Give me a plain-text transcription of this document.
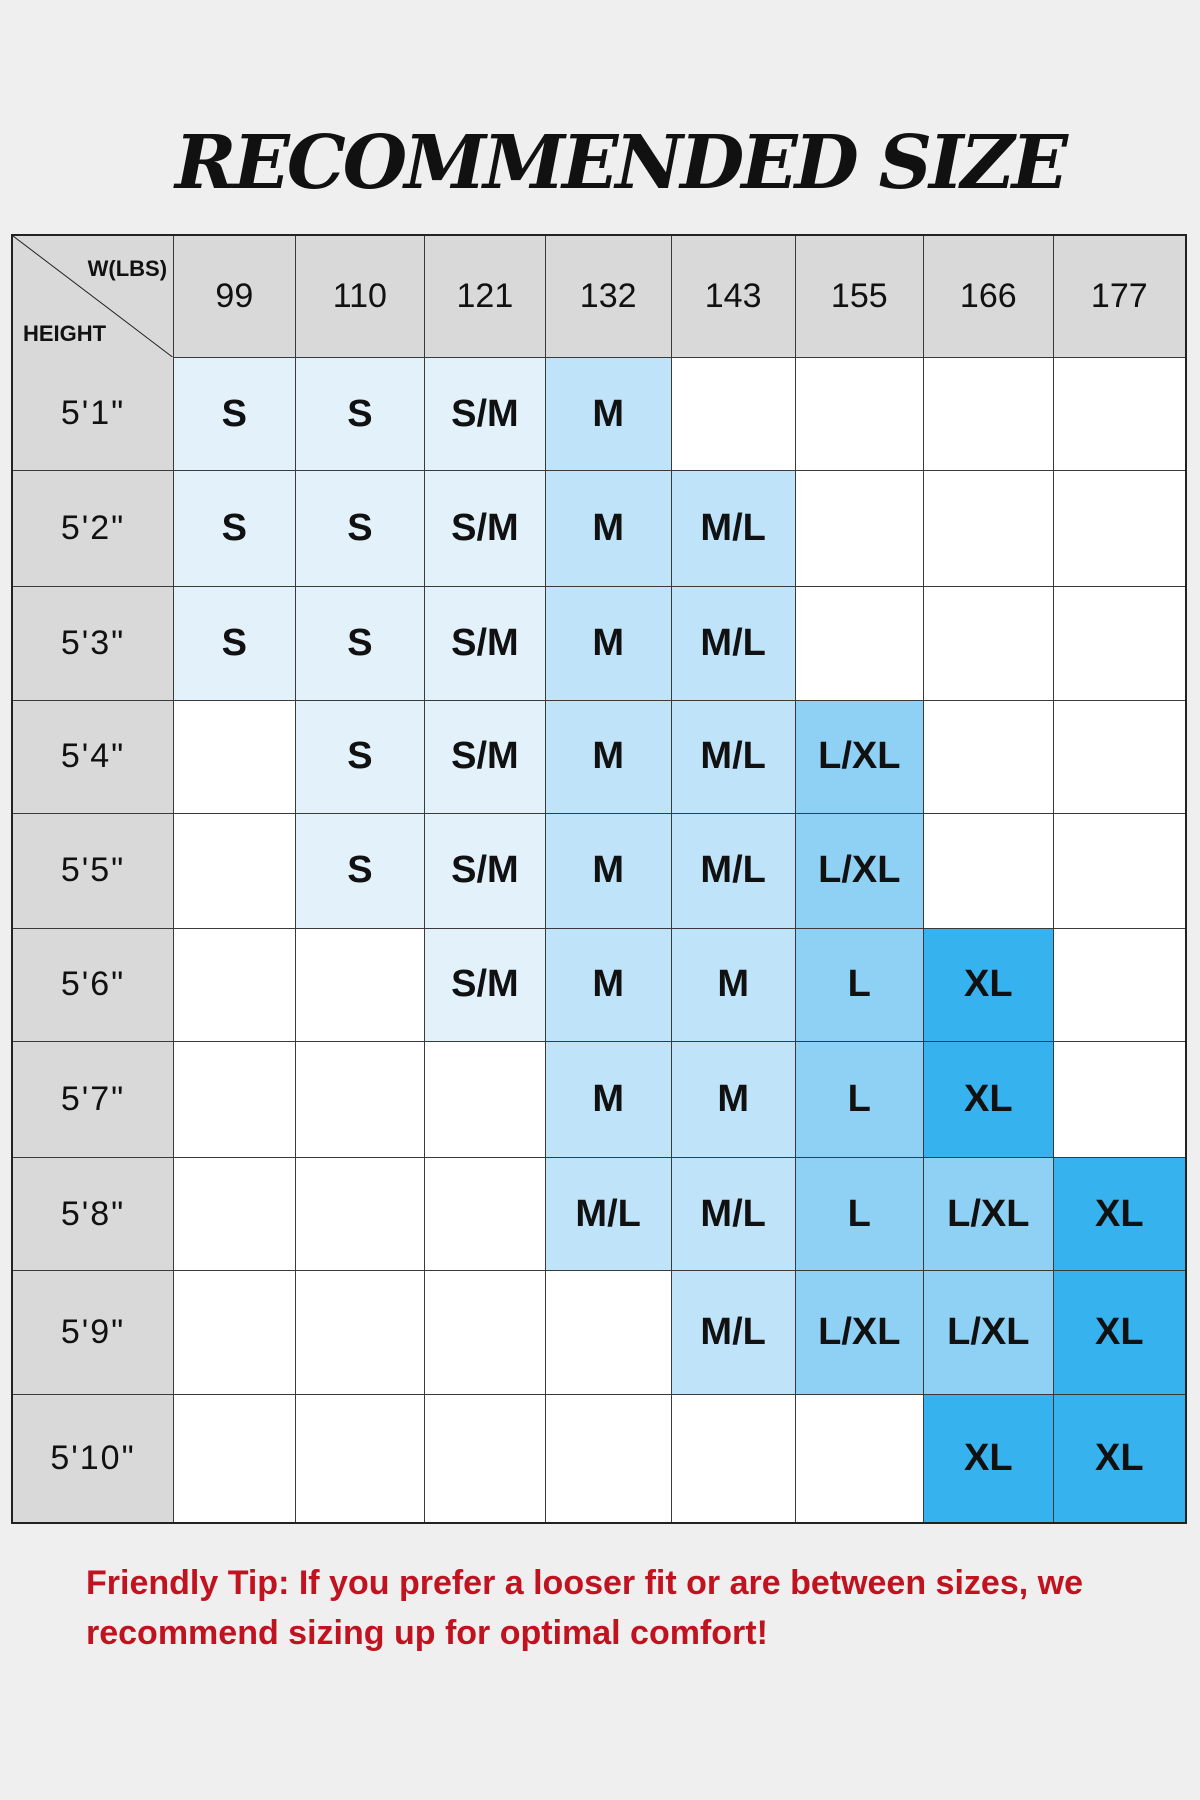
RECOMMENDED SIZE
W(LBS)
HEIGHT	99	110	121	132	143	155	166	177
5'1"	S	S	S/M	M				
5'2"	S	S	S/M	M	M/L			
5'3"	S	S	S/M	M	M/L			
5'4"		S	S/M	M	M/L	L/XL		
5'5"		S	S/M	M	M/L	L/XL		
5'6"			S/M	M	M	L	XL	
5'7"				M	M	L	XL	
5'8"				M/L	M/L	L	L/XL	XL
5'9"					M/L	L/XL	L/XL	XL
5'10"							XL	XL
Friendly Tip: If you prefer a looser fit or are between sizes, we recommend sizing up for optimal comfort!
